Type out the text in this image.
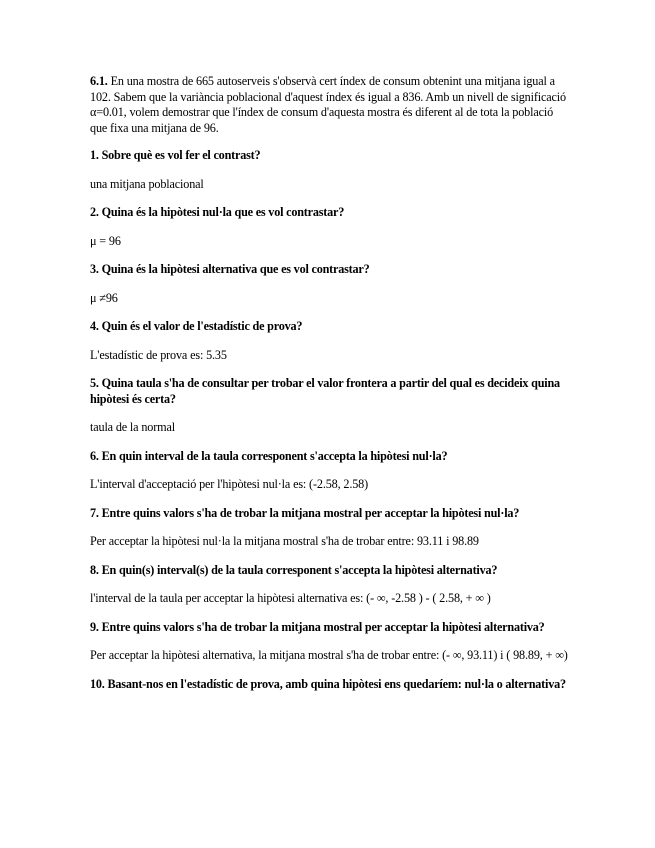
6.1. En una mostra de 665 autoserveis s'observà cert índex de consum obtenint una mitjana igual a 102. Sabem que la variància poblacional d'aquest índex és igual a 836. Amb un nivell de significació α=0.01, volem demostrar que l'índex de consum d'aquesta mostra és diferent al de tota la població que fixa una mitjana de 96.

1. Sobre què es vol fer el contrast?

una mitjana poblacional

2. Quina és la hipòtesi nul·la que es vol contrastar?

μ = 96

3. Quina és la hipòtesi alternativa que es vol contrastar?

μ ≠96

4. Quin és el valor de l'estadístic de prova?

L'estadístic de prova es: 5.35

5. Quina taula s'ha de consultar per trobar el valor frontera a partir del qual es decideix quina hipòtesi és certa?

taula de la normal

6. En quin interval de la taula corresponent s'accepta la hipòtesi nul·la?

L'interval d'acceptació per l'hipòtesi nul·la es: (-2.58, 2.58)

7. Entre quins valors s'ha de trobar la mitjana mostral per acceptar la hipòtesi nul·la?

Per acceptar la hipòtesi nul·la la mitjana mostral s'ha de trobar entre: 93.11 i 98.89

8. En quin(s) interval(s) de la taula corresponent s'accepta la hipòtesi alternativa?

l'interval de la taula per acceptar la hipòtesi alternativa es: (- ∞, -2.58 ) - ( 2.58, + ∞ )

9. Entre quins valors s'ha de trobar la mitjana mostral per acceptar la hipòtesi alternativa?

Per acceptar la hipòtesi alternativa, la mitjana mostral s'ha de trobar entre: (- ∞, 93.11) i ( 98.89, + ∞)

10. Basant-nos en l'estadístic de prova, amb quina hipòtesi ens quedaríem: nul·la o alternativa?
